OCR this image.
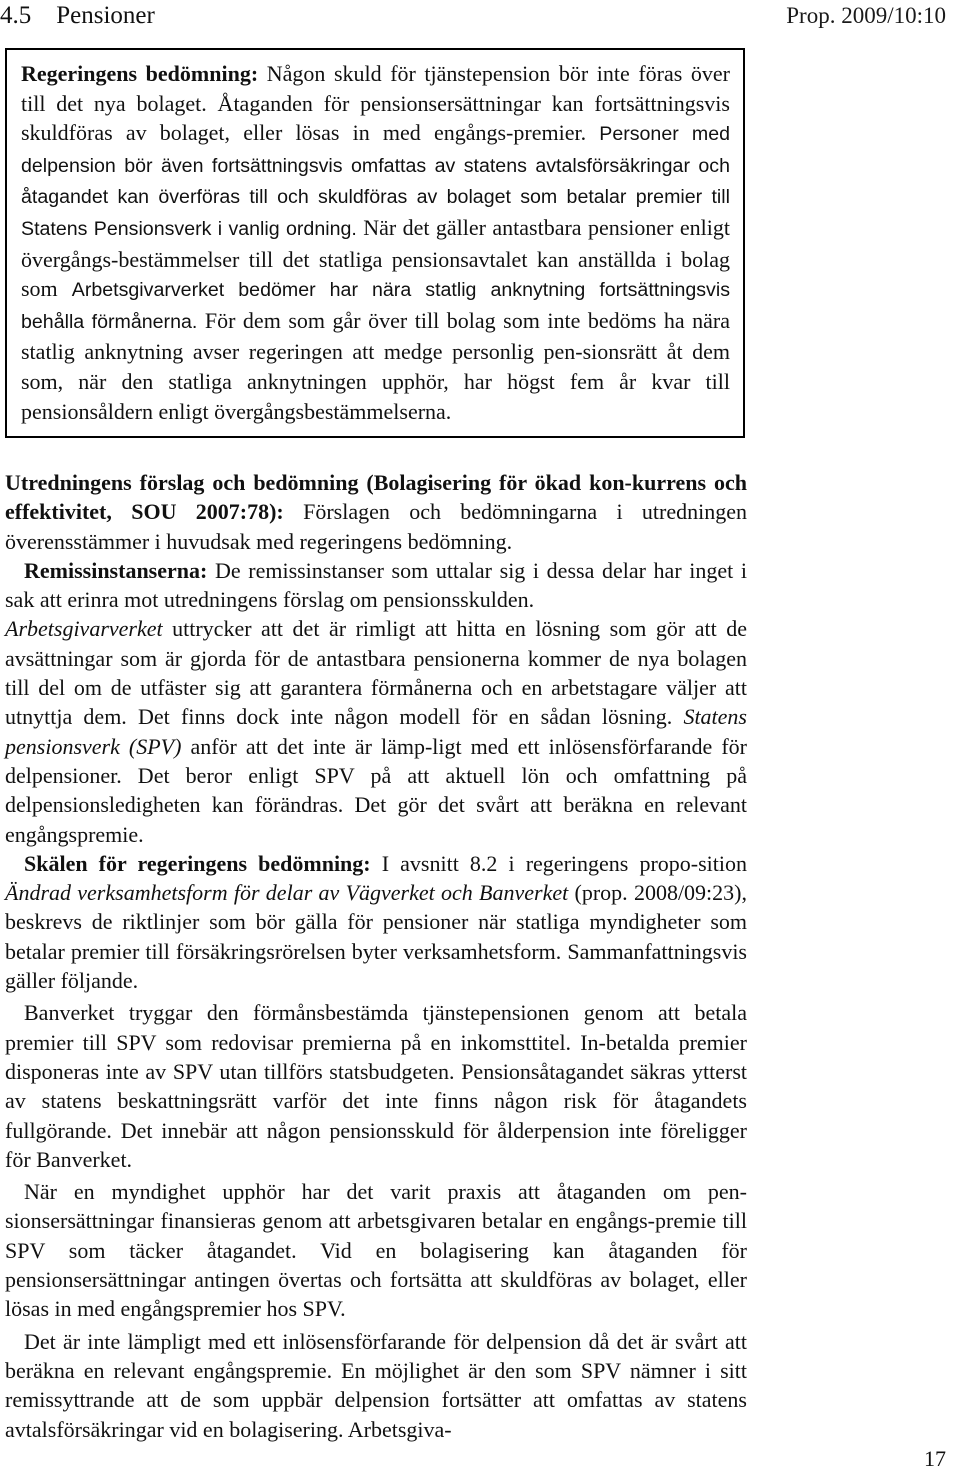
4.5    Pensioner	Prop. 2009/10:10

Regeringens bedömning: Någon skuld för tjänstepension bör inte föras över till det nya bolaget. Åtaganden för pensionsersättningar kan fortsättningsvis skuldföras av bolaget, eller lösas in med engångs-premier. Personer med delpension bör även fortsättningsvis omfattas av statens avtalsförsäkringar och åtagandet kan överföras till och skuldföras av bolaget som betalar premier till Statens Pensionsverk i vanlig ordning. När det gäller antastbara pensioner enligt övergångs-bestämmelser till det statliga pensionsavtalet kan anställda i bolag som Arbetsgivarverket bedömer har nära statlig anknytning fortsättningsvis behålla förmånerna. För dem som går över till bolag som inte bedöms ha nära statlig anknytning avser regeringen att medge personlig pen-sionsrätt åt dem som, när den statliga anknytningen upphör, har högst fem år kvar till pensionsåldern enligt övergångsbestämmelserna.

Utredningens förslag och bedömning (Bolagisering för ökad kon-kurrens och effektivitet, SOU 2007:78): Förslagen och bedömningarna i utredningen överensstämmer i huvudsak med regeringens bedömning.

Remissinstanserna: De remissinstanser som uttalar sig i dessa delar har inget i sak att erinra mot utredningens förslag om pensionsskulden.

Arbetsgivarverket uttrycker att det är rimligt att hitta en lösning som gör att de avsättningar som är gjorda för de antastbara pensionerna kommer de nya bolagen till del om de utfäster sig att garantera förmånerna och en arbetstagare väljer att utnyttja dem. Det finns dock inte någon modell för en sådan lösning. Statens pensionsverk (SPV) anför att det inte är lämp-ligt med ett inlösensförfarande för delpensioner. Det beror enligt SPV på att aktuell lön och omfattning på delpensionsledigheten kan förändras. Det gör det svårt att beräkna en relevant engångspremie.

Skälen för regeringens bedömning: I avsnitt 8.2 i regeringens propo-sition Ändrad verksamhetsform för delar av Vägverket och Banverket (prop. 2008/09:23), beskrevs de riktlinjer som bör gälla för pensioner när statliga myndigheter som betalar premier till försäkringsrörelsen byter verksamhetsform. Sammanfattningsvis gäller följande.

Banverket tryggar den förmånsbestämda tjänstepensionen genom att betala premier till SPV som redovisar premierna på en inkomsttitel. In-betalda premier disponeras inte av SPV utan tillförs statsbudgeten. Pensionsåtagandet säkras ytterst av statens beskattningsrätt varför det inte finns någon risk för åtagandets fullgörande. Det innebär att någon pensionsskuld för ålderpension inte föreligger för Banverket.

När en myndighet upphör har det varit praxis att åtaganden om pen-sionsersättningar finansieras genom att arbetsgivaren betalar en engångs-premie till SPV som täcker åtagandet. Vid en bolagisering kan åtaganden för pensionsersättningar antingen övertas och fortsätta att skuldföras av bolaget, eller lösas in med engångspremier hos SPV.

Det är inte lämpligt med ett inlösensförfarande för delpension då det är svårt att beräkna en relevant engångspremie. En möjlighet är den som SPV nämner i sitt remissyttrande att de som uppbär delpension fortsätter att omfattas av statens avtalsförsäkringar vid en bolagisering. Arbetsgiva-

17
